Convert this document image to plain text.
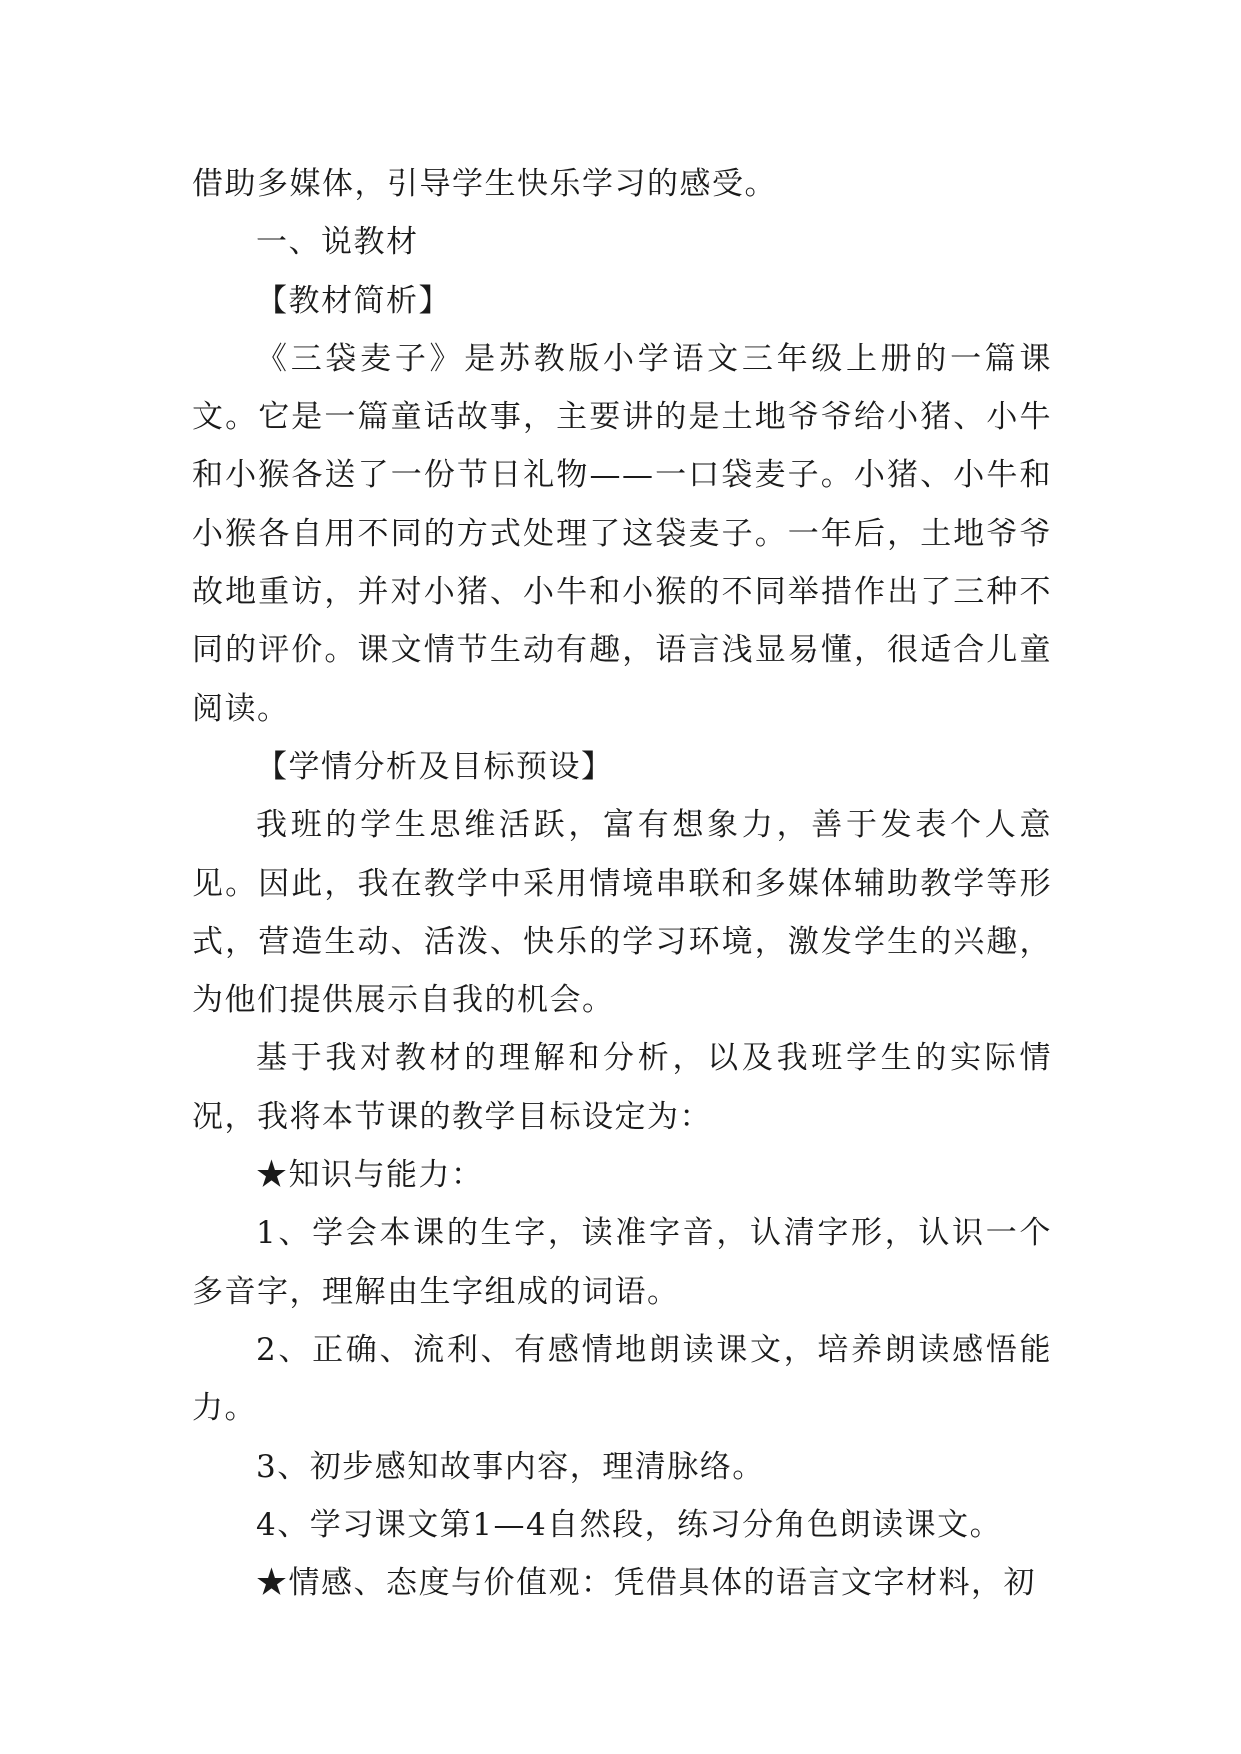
借助多媒体，引导学生快乐学习的感受。

一、说教材

【教材简析】

《三袋麦子》是苏教版小学语文三年级上册的一篇课文。它是一篇童话故事，主要讲的是土地爷爷给小猪、小牛和小猴各送了一份节日礼物——一口袋麦子。小猪、小牛和小猴各自用不同的方式处理了这袋麦子。一年后，土地爷爷故地重访，并对小猪、小牛和小猴的不同举措作出了三种不同的评价。课文情节生动有趣，语言浅显易懂，很适合儿童阅读。

【学情分析及目标预设】

我班的学生思维活跃，富有想象力，善于发表个人意见。因此，我在教学中采用情境串联和多媒体辅助教学等形式，营造生动、活泼、快乐的学习环境，激发学生的兴趣，为他们提供展示自我的机会。

基于我对教材的理解和分析，以及我班学生的实际情况，我将本节课的教学目标设定为：

★知识与能力：

1、学会本课的生字，读准字音，认清字形，认识一个多音字，理解由生字组成的词语。

2、正确、流利、有感情地朗读课文，培养朗读感悟能力。

3、初步感知故事内容，理清脉络。

4、学习课文第1—4自然段，练习分角色朗读课文。

★情感、态度与价值观：凭借具体的语言文字材料，初
